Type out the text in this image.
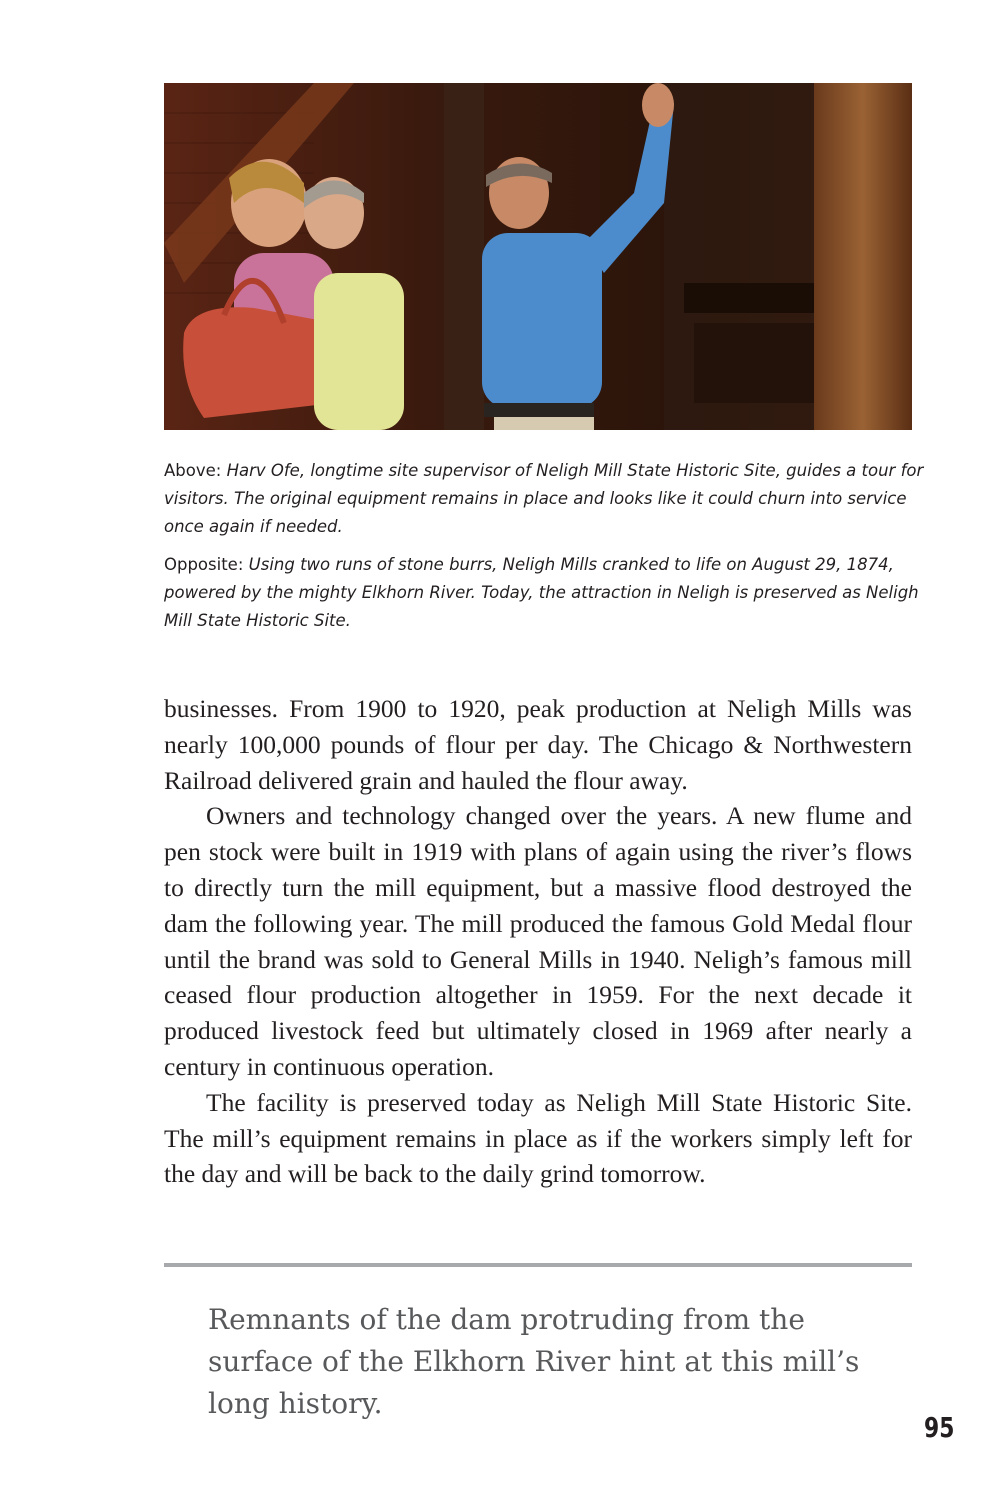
Above: Harv Ofe, longtime site supervisor of Neligh Mill State Historic Site, guides a tour for visitors. The original equipment remains in place and looks like it could churn into service once again if needed.

Opposite: Using two runs of stone burrs, Neligh Mills cranked to life on August 29, 1874, powered by the mighty Elkhorn River. Today, the attraction in Neligh is preserved as Neligh Mill State Historic Site.

businesses. From 1900 to 1920, peak production at Neligh Mills was nearly 100,000 pounds of flour per day. The Chicago & Northwestern Railroad delivered grain and hauled the flour away.

Owners and technology changed over the years. A new flume and pen stock were built in 1919 with plans of again using the river’s flows to directly turn the mill equipment, but a massive flood destroyed the dam the following year. The mill produced the famous Gold Medal flour until the brand was sold to General Mills in 1940. Neligh’s famous mill ceased flour production altogether in 1959. For the next decade it produced livestock feed but ultimately closed in 1969 after nearly a century in continuous operation.

The facility is preserved today as Neligh Mill State Historic Site. The mill’s equipment remains in place as if the workers simply left for the day and will be back to the daily grind tomorrow.

Remnants of the dam protruding from the surface of the Elkhorn River hint at this mill’s long history.

95
